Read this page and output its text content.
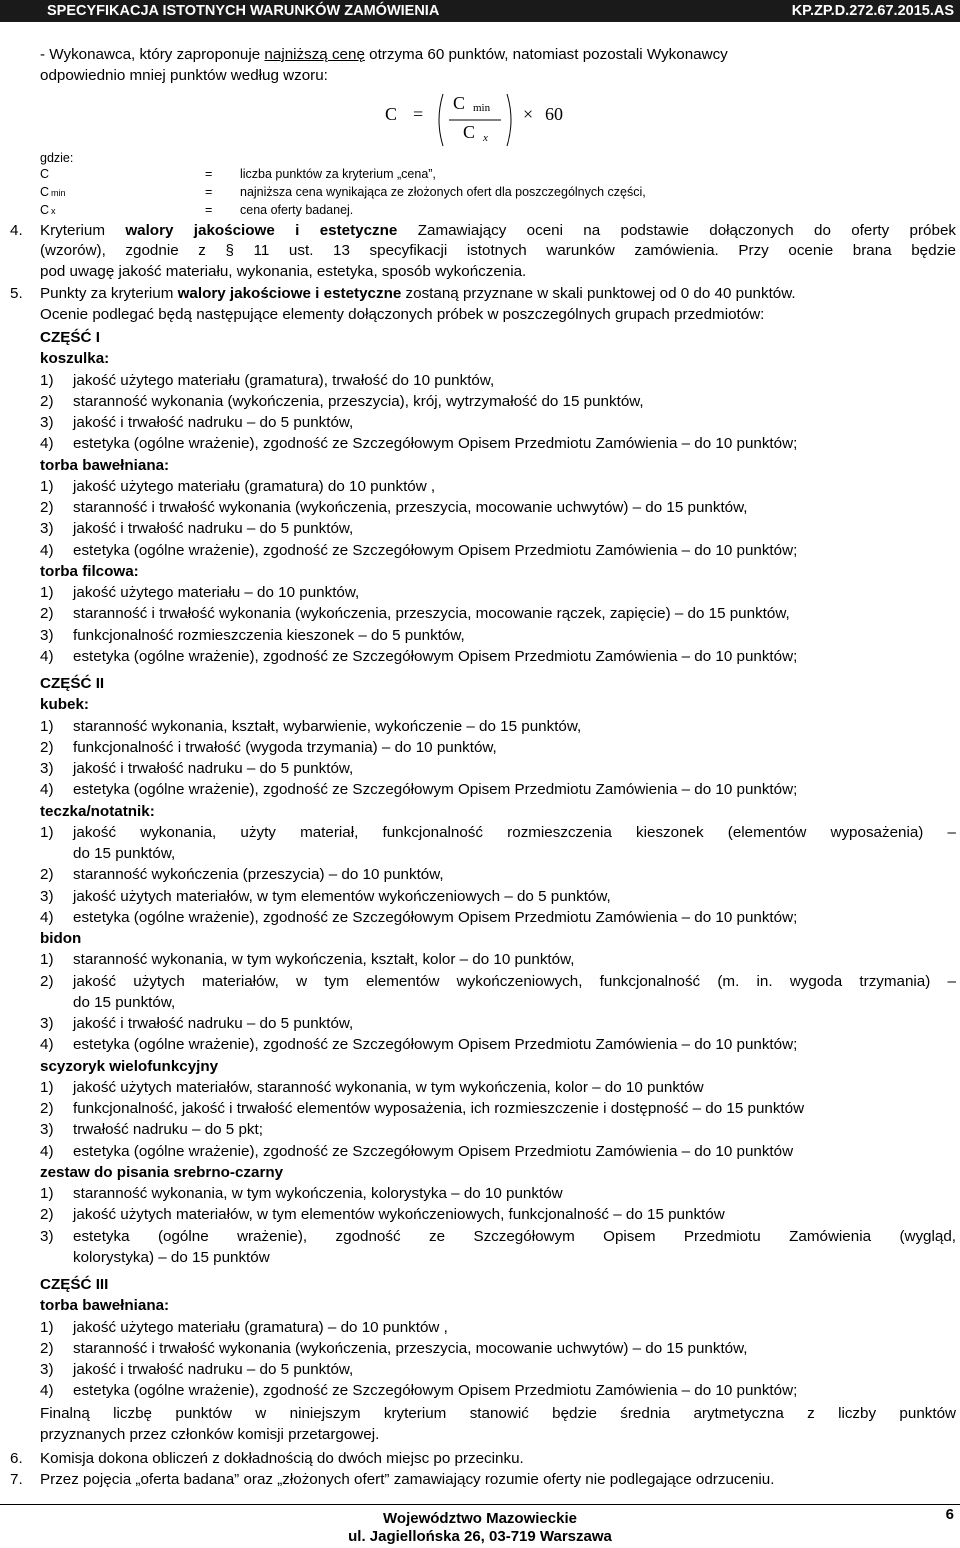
SPECYFIKACJA ISTOTNYCH WARUNKÓW ZAMÓWIENIA	KP.ZP.D.272.67.2015.AS
- Wykonawca, który zaproponuje najniższą cenę otrzyma 60 punktów, natomiast pozostali Wykonawcy
odpowiednio mniej punktów według wzoru:
C =
C min
C x
× 60
gdzie:
C	= liczba punktów za kryterium „cena”,
C min	= najniższa cena wynikająca ze złożonych ofert dla poszczególnych części,
C x	= cena oferty badanej.
4. Kryterium walory jakościowe i estetyczne Zamawiający oceni na podstawie dołączonych do oferty próbek
(wzorów), zgodnie z § 11 ust. 13 specyfikacji istotnych warunków zamówienia. Przy ocenie brana będzie
pod uwagę jakość materiału, wykonania, estetyka, sposób wykończenia.
5. Punkty za kryterium walory jakościowe i estetyczne zostaną przyznane w skali punktowej od 0 do 40 punktów.
Ocenie podlegać będą następujące elementy dołączonych próbek w poszczególnych grupach przedmiotów:
CZĘŚĆ I
koszulka:
1) jakość użytego materiału (gramatura), trwałość do 10 punktów,
2) staranność wykonania (wykończenia, przeszycia), krój, wytrzymałość do 15 punktów,
3) jakość i trwałość nadruku – do 5 punktów,
4) estetyka (ogólne wrażenie), zgodność ze Szczegółowym Opisem Przedmiotu Zamówienia – do 10 punktów;
torba bawełniana:
1) jakość użytego materiału (gramatura) do 10 punktów ,
2) staranność i trwałość wykonania (wykończenia, przeszycia, mocowanie uchwytów) – do 15 punktów,
3) jakość i trwałość nadruku – do 5 punktów,
4) estetyka (ogólne wrażenie), zgodność ze Szczegółowym Opisem Przedmiotu Zamówienia – do 10 punktów;
torba filcowa:
1) jakość użytego materiału – do 10 punktów,
2) staranność i trwałość wykonania (wykończenia, przeszycia, mocowanie rączek, zapięcie) – do 15 punktów,
3) funkcjonalność rozmieszczenia kieszonek – do 5 punktów,
4) estetyka (ogólne wrażenie), zgodność ze Szczegółowym Opisem Przedmiotu Zamówienia – do 10 punktów;
CZĘŚĆ II
kubek:
1) staranność wykonania, kształt, wybarwienie, wykończenie – do 15 punktów,
2) funkcjonalność i trwałość (wygoda trzymania) – do 10 punktów,
3) jakość i trwałość nadruku – do 5 punktów,
4) estetyka (ogólne wrażenie), zgodność ze Szczegółowym Opisem Przedmiotu Zamówienia – do 10 punktów;
teczka/notatnik:
1) jakość wykonania, użyty materiał, funkcjonalność rozmieszczenia kieszonek (elementów wyposażenia) –
do 15 punktów,
2) staranność wykończenia (przeszycia) – do 10 punktów,
3) jakość użytych materiałów, w tym elementów wykończeniowych – do 5 punktów,
4) estetyka (ogólne wrażenie), zgodność ze Szczegółowym Opisem Przedmiotu Zamówienia – do 10 punktów;
bidon
1) staranność wykonania, w tym wykończenia, kształt, kolor – do 10 punktów,
2) jakość użytych materiałów, w tym elementów wykończeniowych, funkcjonalność (m. in. wygoda trzymania) –
do 15 punktów,
3) jakość i trwałość nadruku – do 5 punktów,
4) estetyka (ogólne wrażenie), zgodność ze Szczegółowym Opisem Przedmiotu Zamówienia – do 10 punktów;
scyzoryk wielofunkcyjny
1) jakość użytych materiałów, staranność wykonania, w tym wykończenia, kolor – do 10 punktów
2) funkcjonalność, jakość i trwałość elementów wyposażenia, ich rozmieszczenie i dostępność – do 15 punktów
3) trwałość nadruku – do 5 pkt;
4) estetyka (ogólne wrażenie), zgodność ze Szczegółowym Opisem Przedmiotu Zamówienia – do 10 punktów
zestaw do pisania srebrno-czarny
1) staranność wykonania, w tym wykończenia, kolorystyka – do 10 punktów
2) jakość użytych materiałów, w tym elementów wykończeniowych, funkcjonalność – do 15 punktów
3) estetyka (ogólne wrażenie), zgodność ze Szczegółowym Opisem Przedmiotu Zamówienia (wygląd,
kolorystyka) – do 15 punktów
CZĘŚĆ III
torba bawełniana:
1) jakość użytego materiału (gramatura) – do 10 punktów ,
2) staranność i trwałość wykonania (wykończenia, przeszycia, mocowanie uchwytów) – do 15 punktów,
3) jakość i trwałość nadruku – do 5 punktów,
4) estetyka (ogólne wrażenie), zgodność ze Szczegółowym Opisem Przedmiotu Zamówienia – do 10 punktów;
Finalną liczbę punktów w niniejszym kryterium stanowić będzie średnia arytmetyczna z liczby punktów
przyznanych przez członków komisji przetargowej.
6. Komisja dokona obliczeń z dokładnością do dwóch miejsc po przecinku.
7. Przez pojęcia „oferta badana” oraz „złożonych ofert” zamawiający rozumie oferty nie podlegające odrzuceniu.
Województwo Mazowieckie
ul. Jagiellońska 26, 03-719 Warszawa
6
